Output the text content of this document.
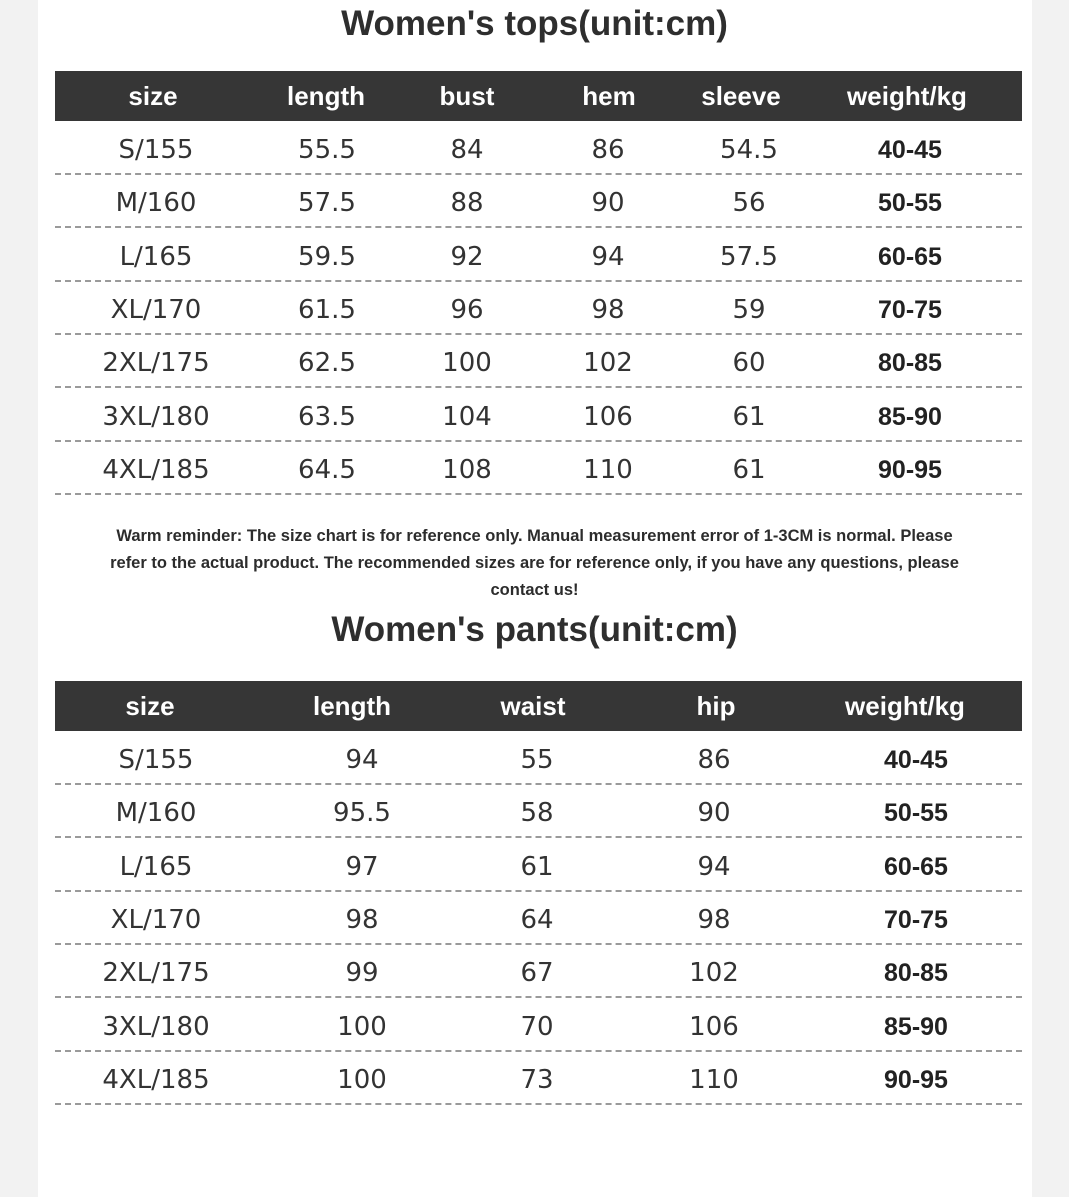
Women's tops(unit:cm)
size	length	bust	hem	sleeve	weight/kg
S/155	55.5	84	86	54.5	40-45
M/160	57.5	88	90	56	50-55
L/165	59.5	92	94	57.5	60-65
XL/170	61.5	96	98	59	70-75
2XL/175	62.5	100	102	60	80-85
3XL/180	63.5	104	106	61	85-90
4XL/185	64.5	108	110	61	90-95

Warm reminder: The size chart is for reference only. Manual measurement error of 1-3CM is normal. Please refer to the actual product. The recommended sizes are for reference only, if you have any questions, please contact us!

Women's pants(unit:cm)
size	length	waist	hip	weight/kg
S/155	94	55	86	40-45
M/160	95.5	58	90	50-55
L/165	97	61	94	60-65
XL/170	98	64	98	70-75
2XL/175	99	67	102	80-85
3XL/180	100	70	106	85-90
4XL/185	100	73	110	90-95
